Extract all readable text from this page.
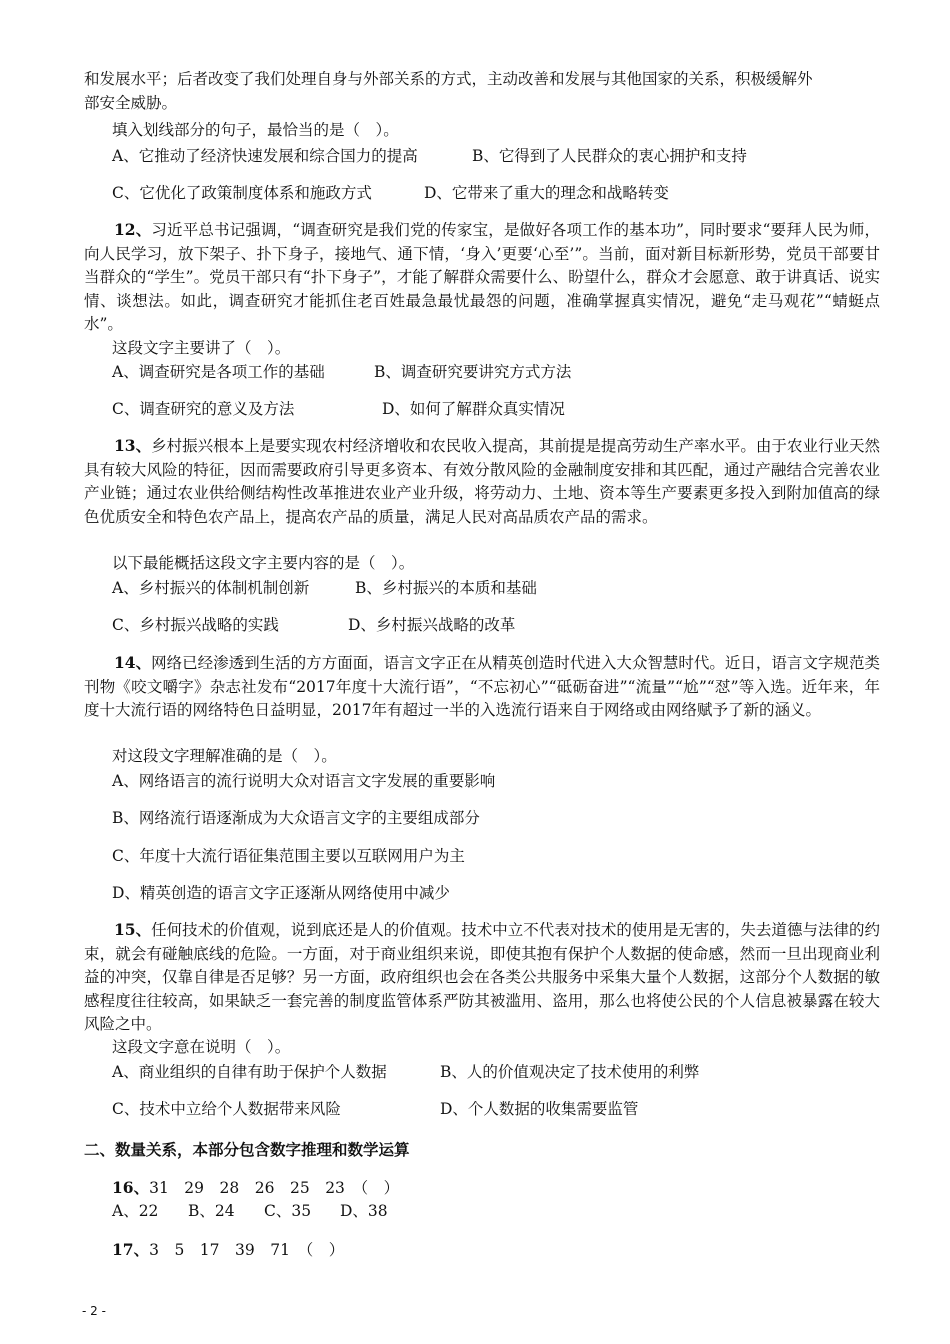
和发展水平；后者改变了我们处理自身与外部关系的方式，主动改善和发展与其他国家的关系，积极缓解外
部安全威胁。
填入划线部分的句子，最恰当的是（　）。
A、它推动了经济快速发展和综合国力的提高	B、它得到了人民群众的衷心拥护和支持
C、它优化了政策制度体系和施政方式	D、它带来了重大的理念和战略转变
12、习近平总书记强调，“调查研究是我们党的传家宝，是做好各项工作的基本功”，同时要求“要拜人民为师，向人民学习，放下架子、扑下身子，接地气、通下情，‘身入’更要‘心至’”。当前，面对新目标新形势，党员干部要甘当群众的“学生”。党员干部只有“扑下身子”，才能了解群众需要什么、盼望什么，群众才会愿意、敢于讲真话、说实情、谈想法。如此，调查研究才能抓住老百姓最急最忧最怨的问题，准确掌握真实情况，避免“走马观花”“蜻蜓点水”。
这段文字主要讲了（　）。
A、调查研究是各项工作的基础	B、调查研究要讲究方式方法
C、调查研究的意义及方法	D、如何了解群众真实情况
13、乡村振兴根本上是要实现农村经济增收和农民收入提高，其前提是提高劳动生产率水平。由于农业行业天然具有较大风险的特征，因而需要政府引导更多资本、有效分散风险的金融制度安排和其匹配，通过产融结合完善农业产业链；通过农业供给侧结构性改革推进农业产业升级，将劳动力、土地、资本等生产要素更多投入到附加值高的绿色优质安全和特色农产品上，提高农产品的质量，满足人民对高品质农产品的需求。
以下最能概括这段文字主要内容的是（　）。
A、乡村振兴的体制机制创新	B、乡村振兴的本质和基础
C、乡村振兴战略的实践	D、乡村振兴战略的改革
14、网络已经渗透到生活的方方面面，语言文字正在从精英创造时代进入大众智慧时代。近日，语言文字规范类刊物《咬文嚼字》杂志社发布“2017年度十大流行语”，“不忘初心”“砥砺奋进”“流量”“尬”“怼”等入选。近年来，年度十大流行语的网络特色日益明显，2017年有超过一半的入选流行语来自于网络或由网络赋予了新的涵义。
对这段文字理解准确的是（　）。
A、网络语言的流行说明大众对语言文字发展的重要影响
B、网络流行语逐渐成为大众语言文字的主要组成部分
C、年度十大流行语征集范围主要以互联网用户为主
D、精英创造的语言文字正逐渐从网络使用中减少
15、任何技术的价值观，说到底还是人的价值观。技术中立不代表对技术的使用是无害的，失去道德与法律的约束，就会有碰触底线的危险。一方面，对于商业组织来说，即使其抱有保护个人数据的使命感，然而一旦出现商业利益的冲突，仅靠自律是否足够？另一方面，政府组织也会在各类公共服务中采集大量个人数据，这部分个人数据的敏感程度往往较高，如果缺乏一套完善的制度监管体系严防其被滥用、盗用，那么也将使公民的个人信息被暴露在较大风险之中。
这段文字意在说明（　）。
A、商业组织的自律有助于保护个人数据	B、人的价值观决定了技术使用的利弊
C、技术中立给个人数据带来风险	D、个人数据的收集需要监管
二、数量关系，本部分包含数字推理和数学运算
16、31　29　28　26　25　23　（　）
A、22 B、24 C、35 D、38
17、3　5　17　39　71　（　）
- 2 -
